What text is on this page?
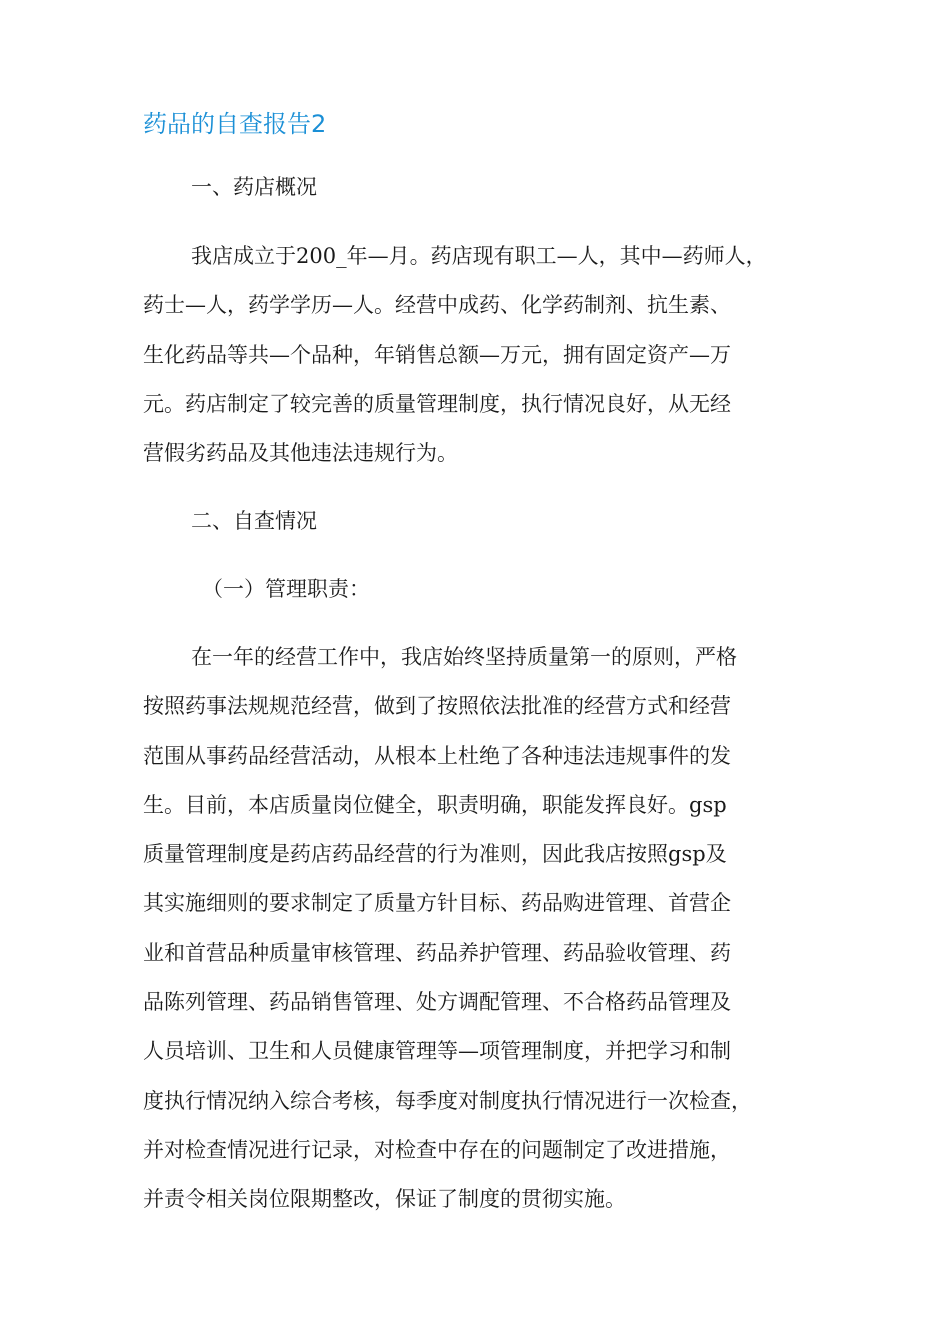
药品的自查报告2

一、药店概况

我店成立于200_年—月。药店现有职工—人，其中—药师人，
药士—人，药学学历—人。经营中成药、化学药制剂、抗生素、
生化药品等共—个品种，年销售总额—万元，拥有固定资产—万
元。药店制定了较完善的质量管理制度，执行情况良好，从无经
营假劣药品及其他违法违规行为。

二、自查情况

（一）管理职责：

在一年的经营工作中，我店始终坚持质量第一的原则，严格
按照药事法规规范经营，做到了按照依法批准的经营方式和经营
范围从事药品经营活动，从根本上杜绝了各种违法违规事件的发
生。目前，本店质量岗位健全，职责明确，职能发挥良好。gsp
质量管理制度是药店药品经营的行为准则，因此我店按照gsp及
其实施细则的要求制定了质量方针目标、药品购进管理、首营企
业和首营品种质量审核管理、药品养护管理、药品验收管理、药
品陈列管理、药品销售管理、处方调配管理、不合格药品管理及
人员培训、卫生和人员健康管理等—项管理制度，并把学习和制
度执行情况纳入综合考核，每季度对制度执行情况进行一次检查，
并对检查情况进行记录，对检查中存在的问题制定了改进措施，
并责令相关岗位限期整改，保证了制度的贯彻实施。
